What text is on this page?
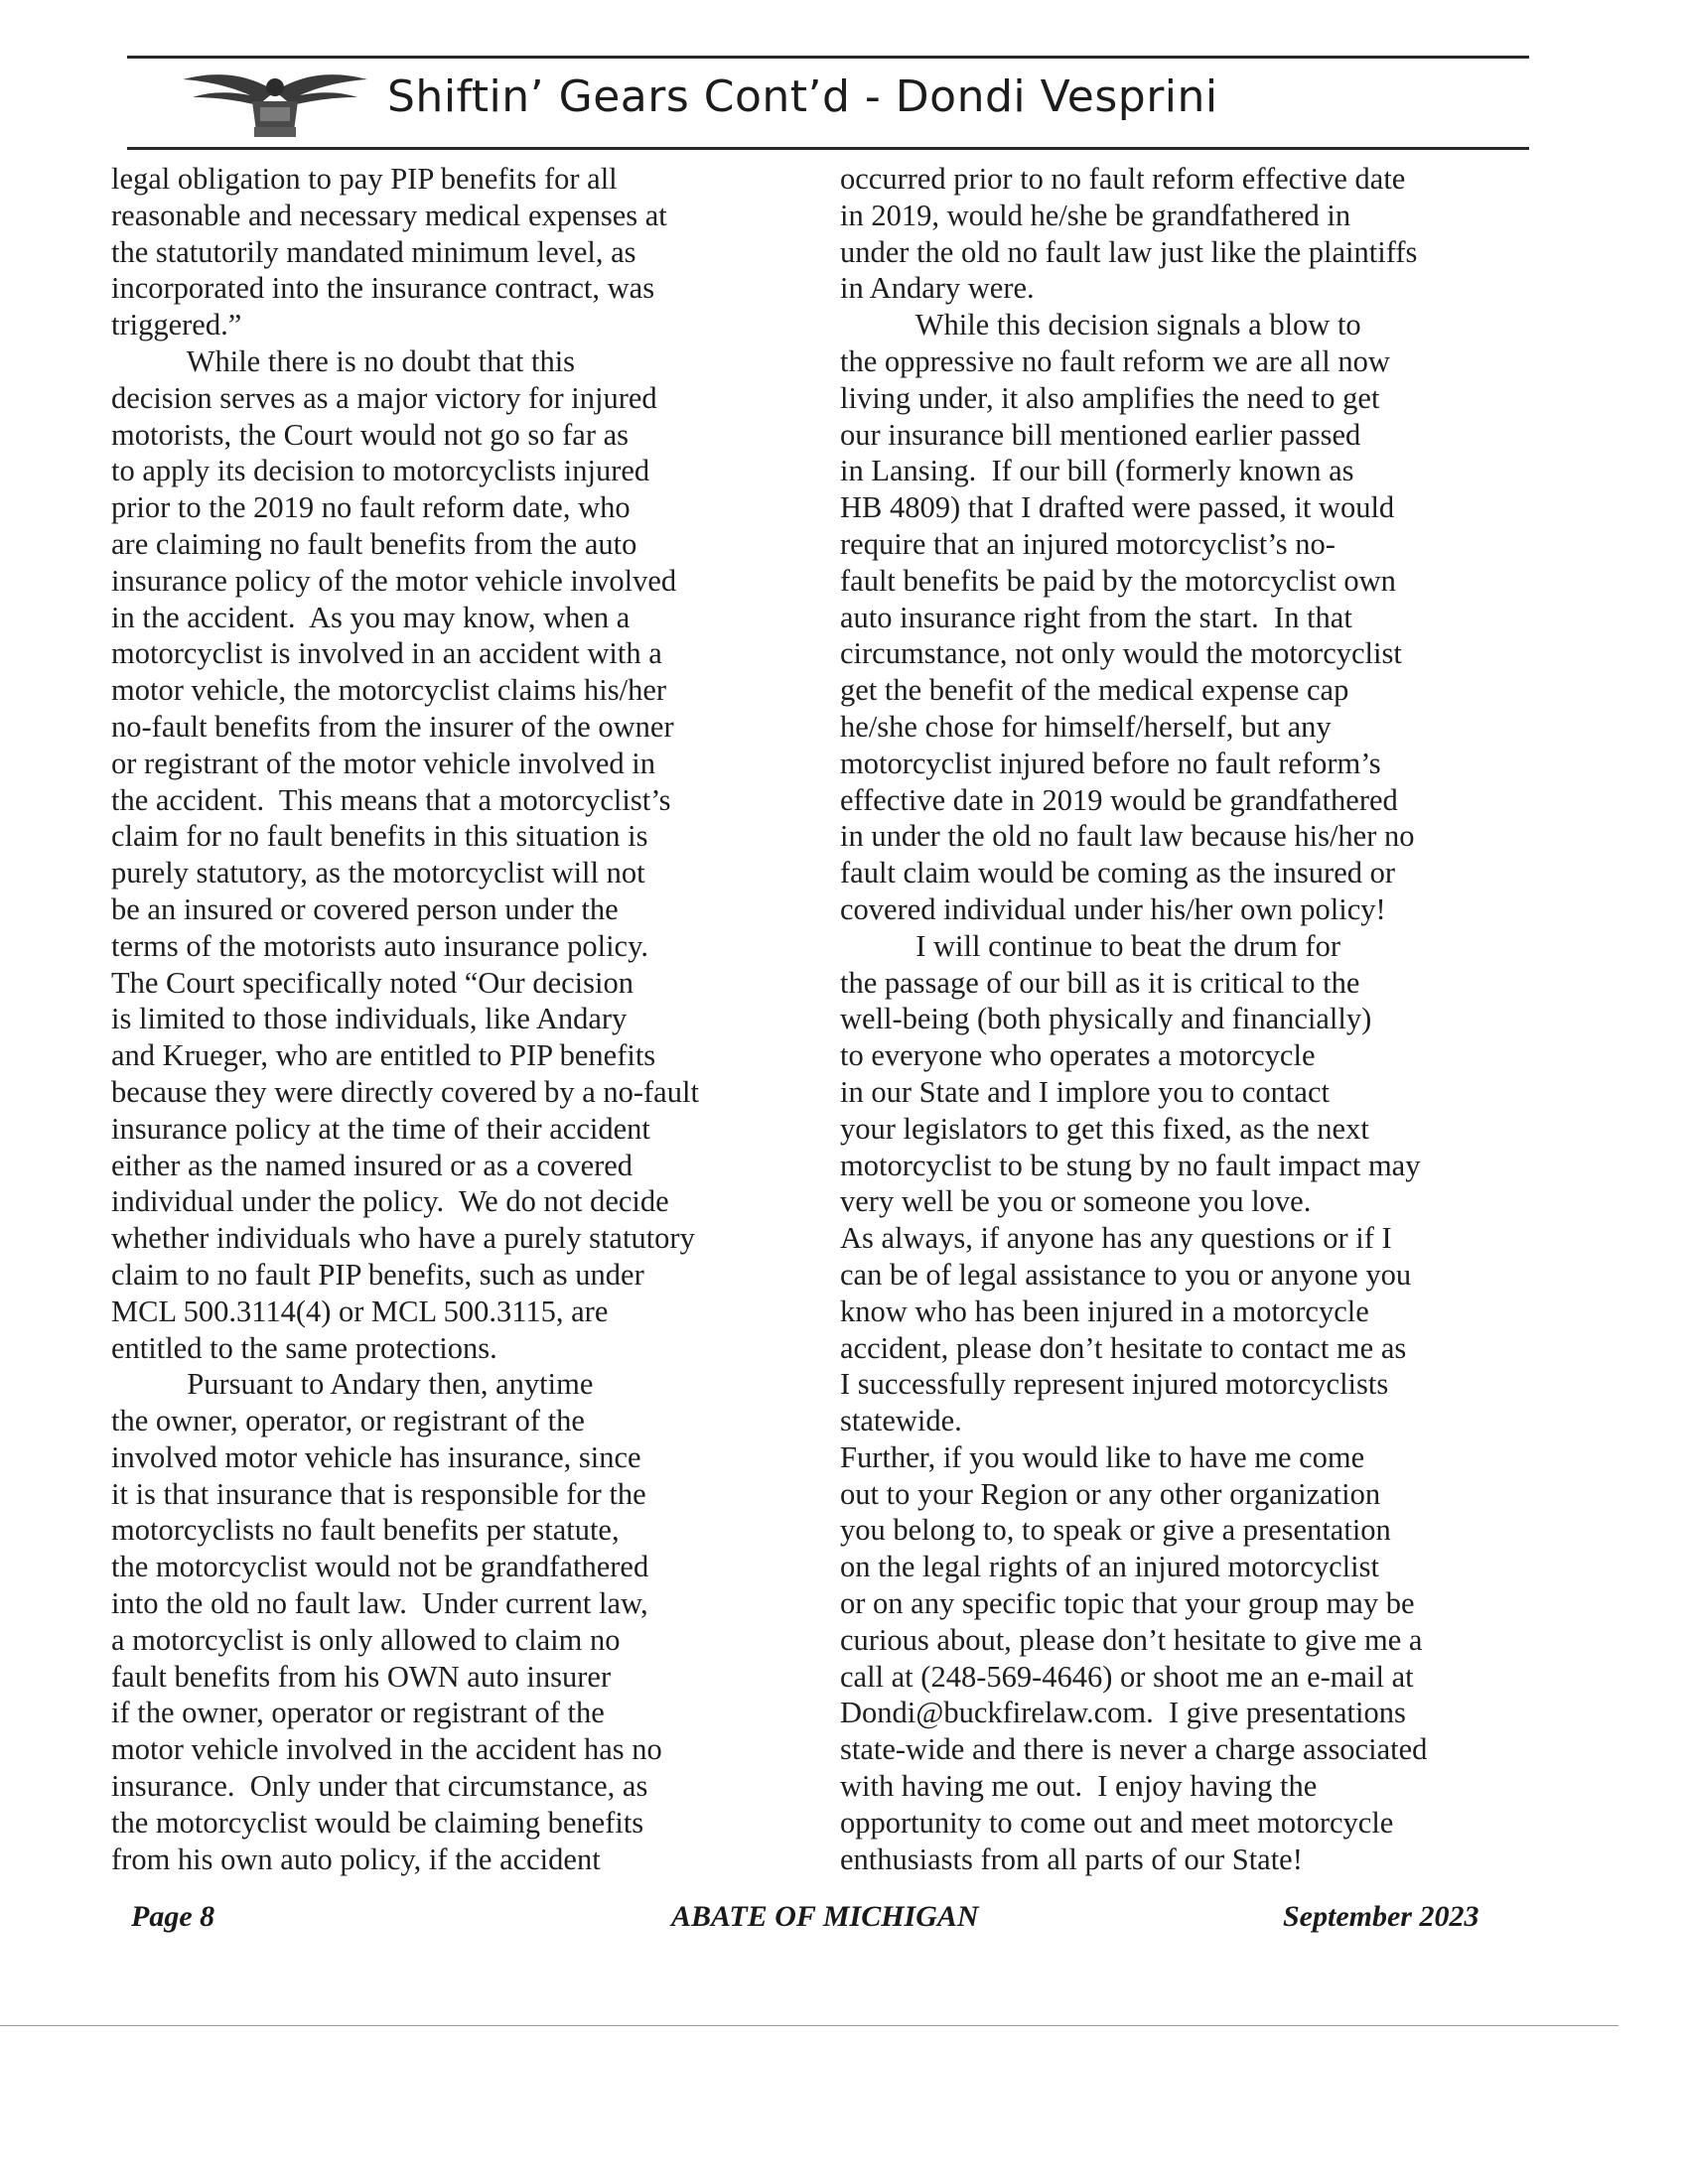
Shiftin’ Gears Cont’d - Dondi Vesprini
legal obligation to pay PIP benefits for all
reasonable and necessary medical expenses at
the statutorily mandated minimum level, as
incorporated into the insurance contract, was
triggered.”
While there is no doubt that this
decision serves as a major victory for injured
motorists, the Court would not go so far as
to apply its decision to motorcyclists injured
prior to the 2019 no fault reform date, who
are claiming no fault benefits from the auto
insurance policy of the motor vehicle involved
in the accident.  As you may know, when a
motorcyclist is involved in an accident with a
motor vehicle, the motorcyclist claims his/her
no-fault benefits from the insurer of the owner
or registrant of the motor vehicle involved in
the accident.  This means that a motorcyclist’s
claim for no fault benefits in this situation is
purely statutory, as the motorcyclist will not
be an insured or covered person under the
terms of the motorists auto insurance policy.
The Court specifically noted “Our decision
is limited to those individuals, like Andary
and Krueger, who are entitled to PIP benefits
because they were directly covered by a no-fault
insurance policy at the time of their accident
either as the named insured or as a covered
individual under the policy.  We do not decide
whether individuals who have a purely statutory
claim to no fault PIP benefits, such as under
MCL 500.3114(4) or MCL 500.3115, are
entitled to the same protections.
Pursuant to Andary then, anytime
the owner, operator, or registrant of the
involved motor vehicle has insurance, since
it is that insurance that is responsible for the
motorcyclists no fault benefits per statute,
the motorcyclist would not be grandfathered
into the old no fault law.  Under current law,
a motorcyclist is only allowed to claim no
fault benefits from his OWN auto insurer
if the owner, operator or registrant of the
motor vehicle involved in the accident has no
insurance.  Only under that circumstance, as
the motorcyclist would be claiming benefits
from his own auto policy, if the accident
occurred prior to no fault reform effective date
in 2019, would he/she be grandfathered in
under the old no fault law just like the plaintiffs
in Andary were.
While this decision signals a blow to
the oppressive no fault reform we are all now
living under, it also amplifies the need to get
our insurance bill mentioned earlier passed
in Lansing.  If our bill (formerly known as
HB 4809) that I drafted were passed, it would
require that an injured motorcyclist’s no-
fault benefits be paid by the motorcyclist own
auto insurance right from the start.  In that
circumstance, not only would the motorcyclist
get the benefit of the medical expense cap
he/she chose for himself/herself, but any
motorcyclist injured before no fault reform’s
effective date in 2019 would be grandfathered
in under the old no fault law because his/her no
fault claim would be coming as the insured or
covered individual under his/her own policy!
I will continue to beat the drum for
the passage of our bill as it is critical to the
well-being (both physically and financially)
to everyone who operates a motorcycle
in our State and I implore you to contact
your legislators to get this fixed, as the next
motorcyclist to be stung by no fault impact may
very well be you or someone you love.
As always, if anyone has any questions or if I
can be of legal assistance to you or anyone you
know who has been injured in a motorcycle
accident, please don’t hesitate to contact me as
I successfully represent injured motorcyclists
statewide.
Further, if you would like to have me come
out to your Region or any other organization
you belong to, to speak or give a presentation
on the legal rights of an injured motorcyclist
or on any specific topic that your group may be
curious about, please don’t hesitate to give me a
call at (248-569-4646) or shoot me an e-mail at
Dondi@buckfirelaw.com.  I give presentations
state-wide and there is never a charge associated
with having me out.  I enjoy having the
opportunity to come out and meet motorcycle
enthusiasts from all parts of our State!
Page 8	ABATE OF MICHIGAN	September 2023
